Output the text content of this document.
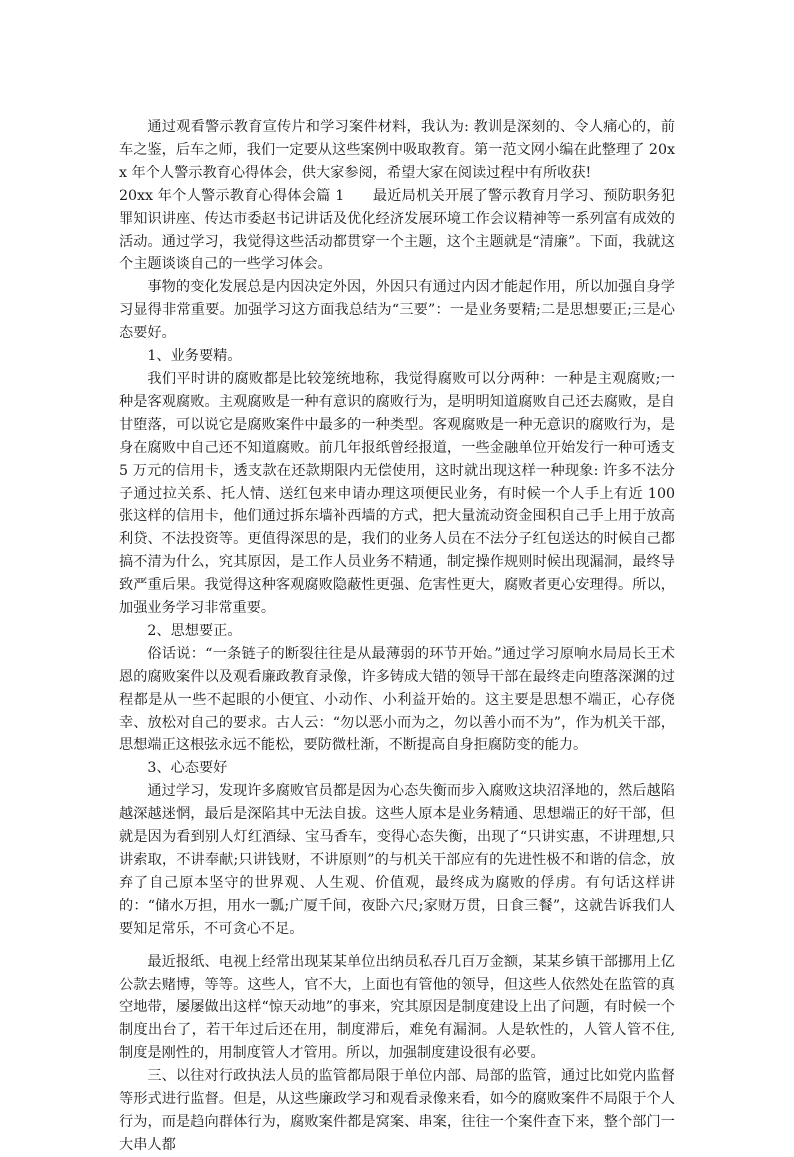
通过观看警示教育宣传片和学习案件材料，我认为: 教训是深刻的、令人痛心的，前车之鉴，后车之师，我们一定要从这些案例中吸取教育。第一范文网小编在此整理了 20xx 年个人警示教育心得体会，供大家参阅，希望大家在阅读过程中有所收获!

20xx 年个人警示教育心得体会篇 1   最近局机关开展了警示教育月学习、预防职务犯罪知识讲座、传达市委赵书记讲话及优化经济发展环境工作会议精神等一系列富有成效的活动。通过学习，我觉得这些活动都贯穿一个主题，这个主题就是“清廉”。下面，我就这个主题谈谈自己的一些学习体会。

事物的变化发展总是内因决定外因，外因只有通过内因才能起作用，所以加强自身学习显得非常重要。加强学习这方面我总结为“三要”：一是业务要精;二是思想要正;三是心态要好。

1、业务要精。

我们平时讲的腐败都是比较笼统地称，我觉得腐败可以分两种：一种是主观腐败;一种是客观腐败。主观腐败是一种有意识的腐败行为，是明明知道腐败自己还去腐败，是自甘堕落，可以说它是腐败案件中最多的一种类型。客观腐败是一种无意识的腐败行为，是身在腐败中自己还不知道腐败。前几年报纸曾经报道，一些金融单位开始发行一种可透支 5 万元的信用卡，透支款在还款期限内无偿使用，这时就出现这样一种现象: 许多不法分子通过拉关系、托人情、送红包来申请办理这项便民业务，有时候一个人手上有近 100 张这样的信用卡，他们通过拆东墙补西墙的方式，把大量流动资金囤积自己手上用于放高利贷、不法投资等。更值得深思的是，我们的业务人员在不法分子红包送达的时候自己都搞不清为什么，究其原因，是工作人员业务不精通，制定操作规则时候出现漏洞，最终导致严重后果。我觉得这种客观腐败隐蔽性更强、危害性更大，腐败者更心安理得。所以，加强业务学习非常重要。

2、思想要正。

俗话说：“一条链子的断裂往往是从最薄弱的环节开始。”通过学习原响水局局长王术恩的腐败案件以及观看廉政教育录像，许多铸成大错的领导干部在最终走向堕落深渊的过程都是从一些不起眼的小便宜、小动作、小利益开始的。这主要是思想不端正，心存侥幸、放松对自己的要求。古人云：“勿以恶小而为之，勿以善小而不为”，作为机关干部，思想端正这根弦永远不能松，要防微杜渐，不断提高自身拒腐防变的能力。

3、心态要好

通过学习，发现许多腐败官员都是因为心态失衡而步入腐败这块沼泽地的，然后越陷越深越迷惘，最后是深陷其中无法自拔。这些人原本是业务精通、思想端正的好干部，但就是因为看到别人灯红酒绿、宝马香车，变得心态失衡，出现了“只讲实惠，不讲理想,只讲索取，不讲奉献;只讲钱财，不讲原则”的与机关干部应有的先进性极不和谐的信念，放弃了自己原本坚守的世界观、人生观、价值观，最终成为腐败的俘虏。有句话这样讲的：“储水万担，用水一瓢;广厦千间，夜卧六尺;家财万贯，日食三餐”，这就告诉我们人要知足常乐，不可贪心不足。

最近报纸、电视上经常出现某某单位出纳员私吞几百万金额，某某乡镇干部挪用上亿公款去赌博，等等。这些人，官不大，上面也有管他的领导，但这些人依然处在监管的真空地带，屡屡做出这样“惊天动地”的事来，究其原因是制度建设上出了问题，有时候一个制度出台了，若干年过后还在用，制度滞后，难免有漏洞。人是软性的，人管人管不住,制度是刚性的，用制度管人才管用。所以，加强制度建设很有必要。

三、以往对行政执法人员的监管都局限于单位内部、局部的监管，通过比如党内监督等形式进行监督。但是，从这些廉政学习和观看录像来看，如今的腐败案件不局限于个人行为，而是趋向群体行为，腐败案件都是窝案、串案，往往一个案件查下来，整个部门一大串人都
